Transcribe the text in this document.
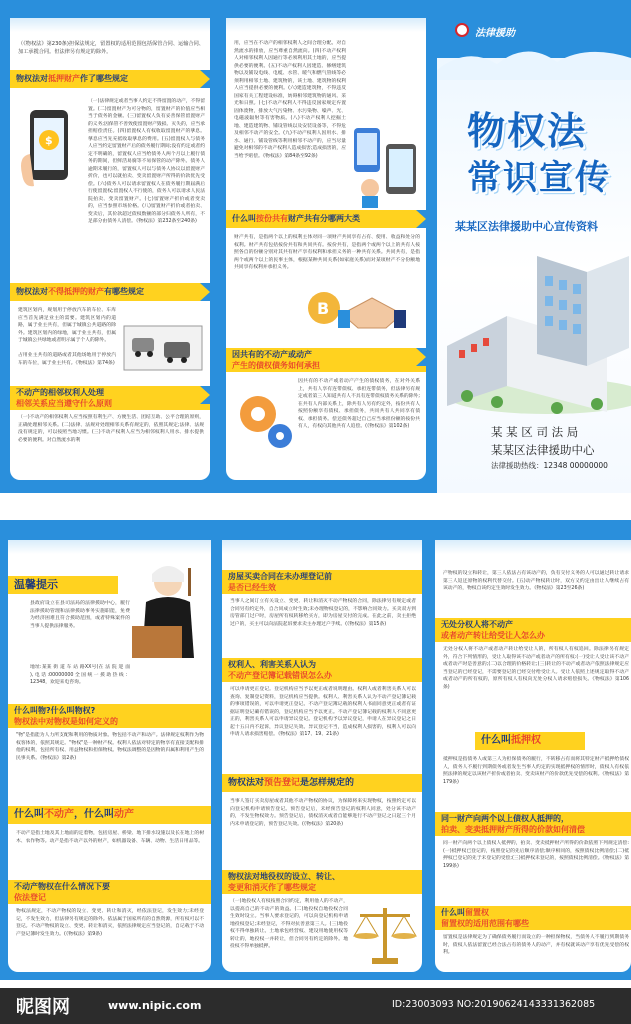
（《物权法》第230条)担保法规定，留置权的适用范围包括保管合同、运输合同、加工承揽合同。但法律另有规定的除外。
物权法对抵押财产作了哪些规定
$
（一)法律规定或者当事人约定不得留置的动产，不得留置。(二)留置财产为可分物的，留置财产的价值应当相当于债务的金额。(三)留置权人负有妥善保管留置财产的义务;因保管不善致使留置财产毁损、灭失的，应当承担赔偿责任。(四)留置权人有权收取留置财产的孳息。孳息应当先充抵收取孳息的费用。(五)留置权人与债务人应当约定留置财产后的债务履行期间;没有约定或者约定不明确的，留置权人应当给债务人两个月以上履行债务的期间，但鲜活易腐等不易保管的动产除外。债务人逾期未履行的，留置权人可以与债务人协议以留置财产折价，也可以就拍卖、变卖留置财产所得的价款优先受偿。(六)债务人可以请求留置权人在债务履行期届满后行使留置权;留置权人不行使的，债务人可以请求人民法院拍卖、变卖留置财产。(七)留置财产折价或者变卖的，应当参照市场价格。(八)留置财产折价或者拍卖、变卖后，其价款超过债权数额的部分归债务人所有，不足部分由债务人清偿。《物权法》第232条至240条)
物权法对不得抵押的财产有哪些规定
建筑区划内，规划用于停放汽车的车位、车库应当首先满足业主的需要。建筑区划内的道路，属于业主共有，但属于城镇公共道路的除外。建筑区划内的绿地，属于业主共有，但属于城镇公共绿地或者明示属于个人的除外。
占用业主共有的道路或者其他场地用于停放汽车的车位，属于业主共有。《物权法》第74条)
不动产的相邻权利人处理
相邻关系应当遵守什么原则
（一)不动产的相邻权利人应当按照有利生产、方便生活、团结互助、公平合理的原则，正确处理相邻关系。(二)法律、法规对处理相邻关系有规定的，依照其规定;法律、法规没有规定的，可以按照当地习惯。(三)不动产权利人应当为相邻权利人用水、排水提供必要的便利。对自然流水的利
用，应当在不动产的相邻权利人之间合理分配。对自然流水的排放，应当尊重自然流向。(四)不动产权利人对相邻权利人因通行等必须利用其土地的，应当提供必要的便利。(五)不动产权利人因建造、修缮建筑物以及铺设电线、电缆、水管、暖气和燃气管线等必须利用相邻土地、建筑物的，该土地、建筑物的权利人应当提供必要的便利。(六)建造建筑物，不得违反国家有关工程建设标准，妨碍相邻建筑物的通风、采光和日照。(七)不动产权利人不得违反国家规定弃置固体废物，排放大气污染物、水污染物、噪声、光、电磁波辐射等有害物质。(八)不动产权利人挖掘土地、建造建筑物、铺设管线以及安装设备等，不得危及相邻不动产的安全。(九)不动产权利人因用水、排水、通行、铺设管线等利用相邻不动产的，应当尽量避免对相邻的不动产权利人造成损害;造成损害的，应当给予赔偿。《物权法》第84条至92条)
什么叫按份共有财产共有分哪两大类
财产共有，是指两个以上的权利主体对同一项财产共同享有占有、使用、收益和处分的权利。财产共有包括按份共有和共同共有。按份共有，是指两个或两个以上的共有人按照各自的份额分别对其共有财产享有权利和承担义务的一种共有关系。共同共有，是指两个或两个以上的民事主体，根据某种共同关系(如家庭关系)而对某项财产不分份额地共同享有权利并承担义务。
B
因共有的不动产或动产
产生的债权债务如何承担
因共有的不动产或者动产产生的债权债务，在对外关系上，共有人享有连带债权、承担连带债务，但法律另有规定或者第三人知道共有人不具有连带债权债务关系的除外;在共有人内部关系上，除共有人另有约定外，按份共有人按照份额享有债权、承担债务，共同共有人共同享有债权、承担债务。偿还债务超过自己应当承担份额的按份共有人，有权向其他共有人追偿。(《物权法》第102条)
法律援助
物权法
常识宣传
某某区法律援助中心宣传资料
某 某 区 司 法 局
某某区法律援助中心
法律援助热线：12348 00000000
温馨提示
县政府设立在县司法局的法律援助中心，履行法律援助管理和法律援助事务实施职能，免费为经济困难且符合援助范围，或者特殊案件的当事人提供法律服务。
地址:某某 街 道 车 站 路XX号(在 法 院 迎 面 ),电话:00000000全国统一援助热线：12348，欢迎来电咨询。
什么叫物?什么叫物权?
物权法中对物权是如何定义的
"物"是指能为人力所支配和利用的物质对象。物包括不动产和动产。法律规定权利作为物权客体的，依照其规定。"物权"是一种财产权。权利人依法对特定的物享有直接支配和排他的权利，包括所有权、用益物权和担保物权。物权法调整的是因物的归属和利用产生的民事关系。《物权法》第2条)
什么叫不动产，什么叫动产
不动产是指土地及其上地面的定着物，包括房屋、桥梁、地下排水设施以及长在地上的树木、农作物等。动产是指不动产以外的财产，如机器设备、车辆、动物、生活日用品等。
不动产物权在什么情况下要
依法登记
物权法规定，不动产物权的设立、变更、转让和消灭，经依法登记，发生效力;未经登记，不发生效力，但法律另有规定的除外。依法属于国家所有的自然资源，所有权可以不登记。不动产物权的设立、变更、转让和消灭，依照法律规定应当登记的，自记载于不动产登记簿时发生效力。(《物权法》第9条)
房屋买卖合同在未办理登记前
是否已经生效
当事人之间订立有关设立、变更、转让和消灭不动产物权的合同，除法律另有规定或者合同另有约定外，自合同成立时生效;未办理物权登记的，不影响合同效力。买卖双方到房管部门过户时，房屋所有权转移给买方，即为房屋交付的完成。在此之前，卖主拒绝过户的，买主可以向法院起诉要求卖主办理过户手续。(《物权法》第15条)
权利人、利害关系人认为
不动产登记簿记载错误怎么办
可以申请更正登记。登记机构应当予以更正或者说明理由。权利人或者利害关系人可以查询、复制登记资料，登记机构应当提供。权利人、利害关系人认为不动产登记簿记载的事项错误的，可以申请更正登记。不动产登记簿记载的权利人书面同意更正或者有证据证明登记确有错误的，登记机构应当予以更正。不动产登记簿记载的权利人不同意更正的，利害关系人可以申请异议登记。登记机构予以异议登记，申请人在异议登记之日起十五日内不起诉，异议登记失效。异议登记不当，造成权利人损害的，权利人可以向申请人请求损害赔偿。《物权法》第17、19、21条)
物权法对预告登记是怎样规定的
当事人签订买卖房屋或者其他不动产物权的协议，为保障将来实现物权，按照约定可以向登记机构申请预告登记。预告登记后，未经预告登记的权利人同意，处分该不动产的，不发生物权效力。预告登记后，债权消灭或者自能够进行不动产登记之日起三个月内未申请登记的，预告登记失效。(《物权法》第20条)
物权法对地役权的设立、转让、
变更和消灭作了哪些规定
（一)地役权人有权按照合同约定，利用他人的不动产，以提高自己的不动产的效益。(二)地役权自地役权合同生效时设立。当事人要求登记的，可以向登记机构申请地役权登记;未经登记，不得对抗善意第三人。(三)地役权不得单独转让。土地承包经营权、建设用地使用权等转让的，地役权一并转让，但合同另有约定的除外。地役权不得单独抵押。
产物权的设立和转让，第三人依法占有该动产的，负有交付义务的人可以通过转让请求第三人返还原物的权利代替交付。(五)动产物权转让时，双方又约定由出让人继续占有该动产的，物权自该约定生效时发生效力。《物权法》第23至26条)
无处分权人将不动产
或者动产转让给受让人怎么办
无处分权人将不动产或者动产转让给受让人的，所有权人有权追回。除法律另有规定外，符合下列情形的，受让人取得该不动产或者动产的所有权:(一)受让人受让该不动产或者动产时是善意的;(二)以合理的价格转让;(三)转让的不动产或者动产依照法律规定应当登记的已经登记，不需要登记的已经交付给受让人。受让人依照上述规定取得不动产或者动产的所有权的，原所有权人有权向无处分权人请求赔偿损失。《物权法》第106条)
什么叫抵押权
抵押权是指债务人或第三人为担保债务的履行，不转移占有而将其特定财产抵押给债权人，债务人不履行到期债务或者发生当事人约定的实现抵押权的情形时，债权人有权依照法律的规定以该财产折价或者拍卖、变卖该财产的价款优先受偿的权利。《物权法》第179条)
同一财产向两个以上债权人抵押的，
拍卖、变卖抵押财产所得的价款如何清偿
同一财产向两个以上债权人抵押的，拍卖、变卖抵押财产所得的价款依照下列规定清偿:(一)抵押权已登记的，按照登记的先后顺序清偿;顺序相同的，按照债权比例清偿;(二)抵押权已登记的先于未登记的受偿;(三)抵押权未登记的，按照债权比例清偿。《物权法》第199条)
什么叫留置权
留置权的适用范围有哪些
留置权是法律规定为了确保债务履行而设立的一种担保物权，当债务人不履行到期债务时，债权人依法留置已经合法占有的债务人的动产，并有权就该动产享有优先受偿的权利。
昵图网	www.nipic.com	ID:23003093 NO:20190624143331362085
